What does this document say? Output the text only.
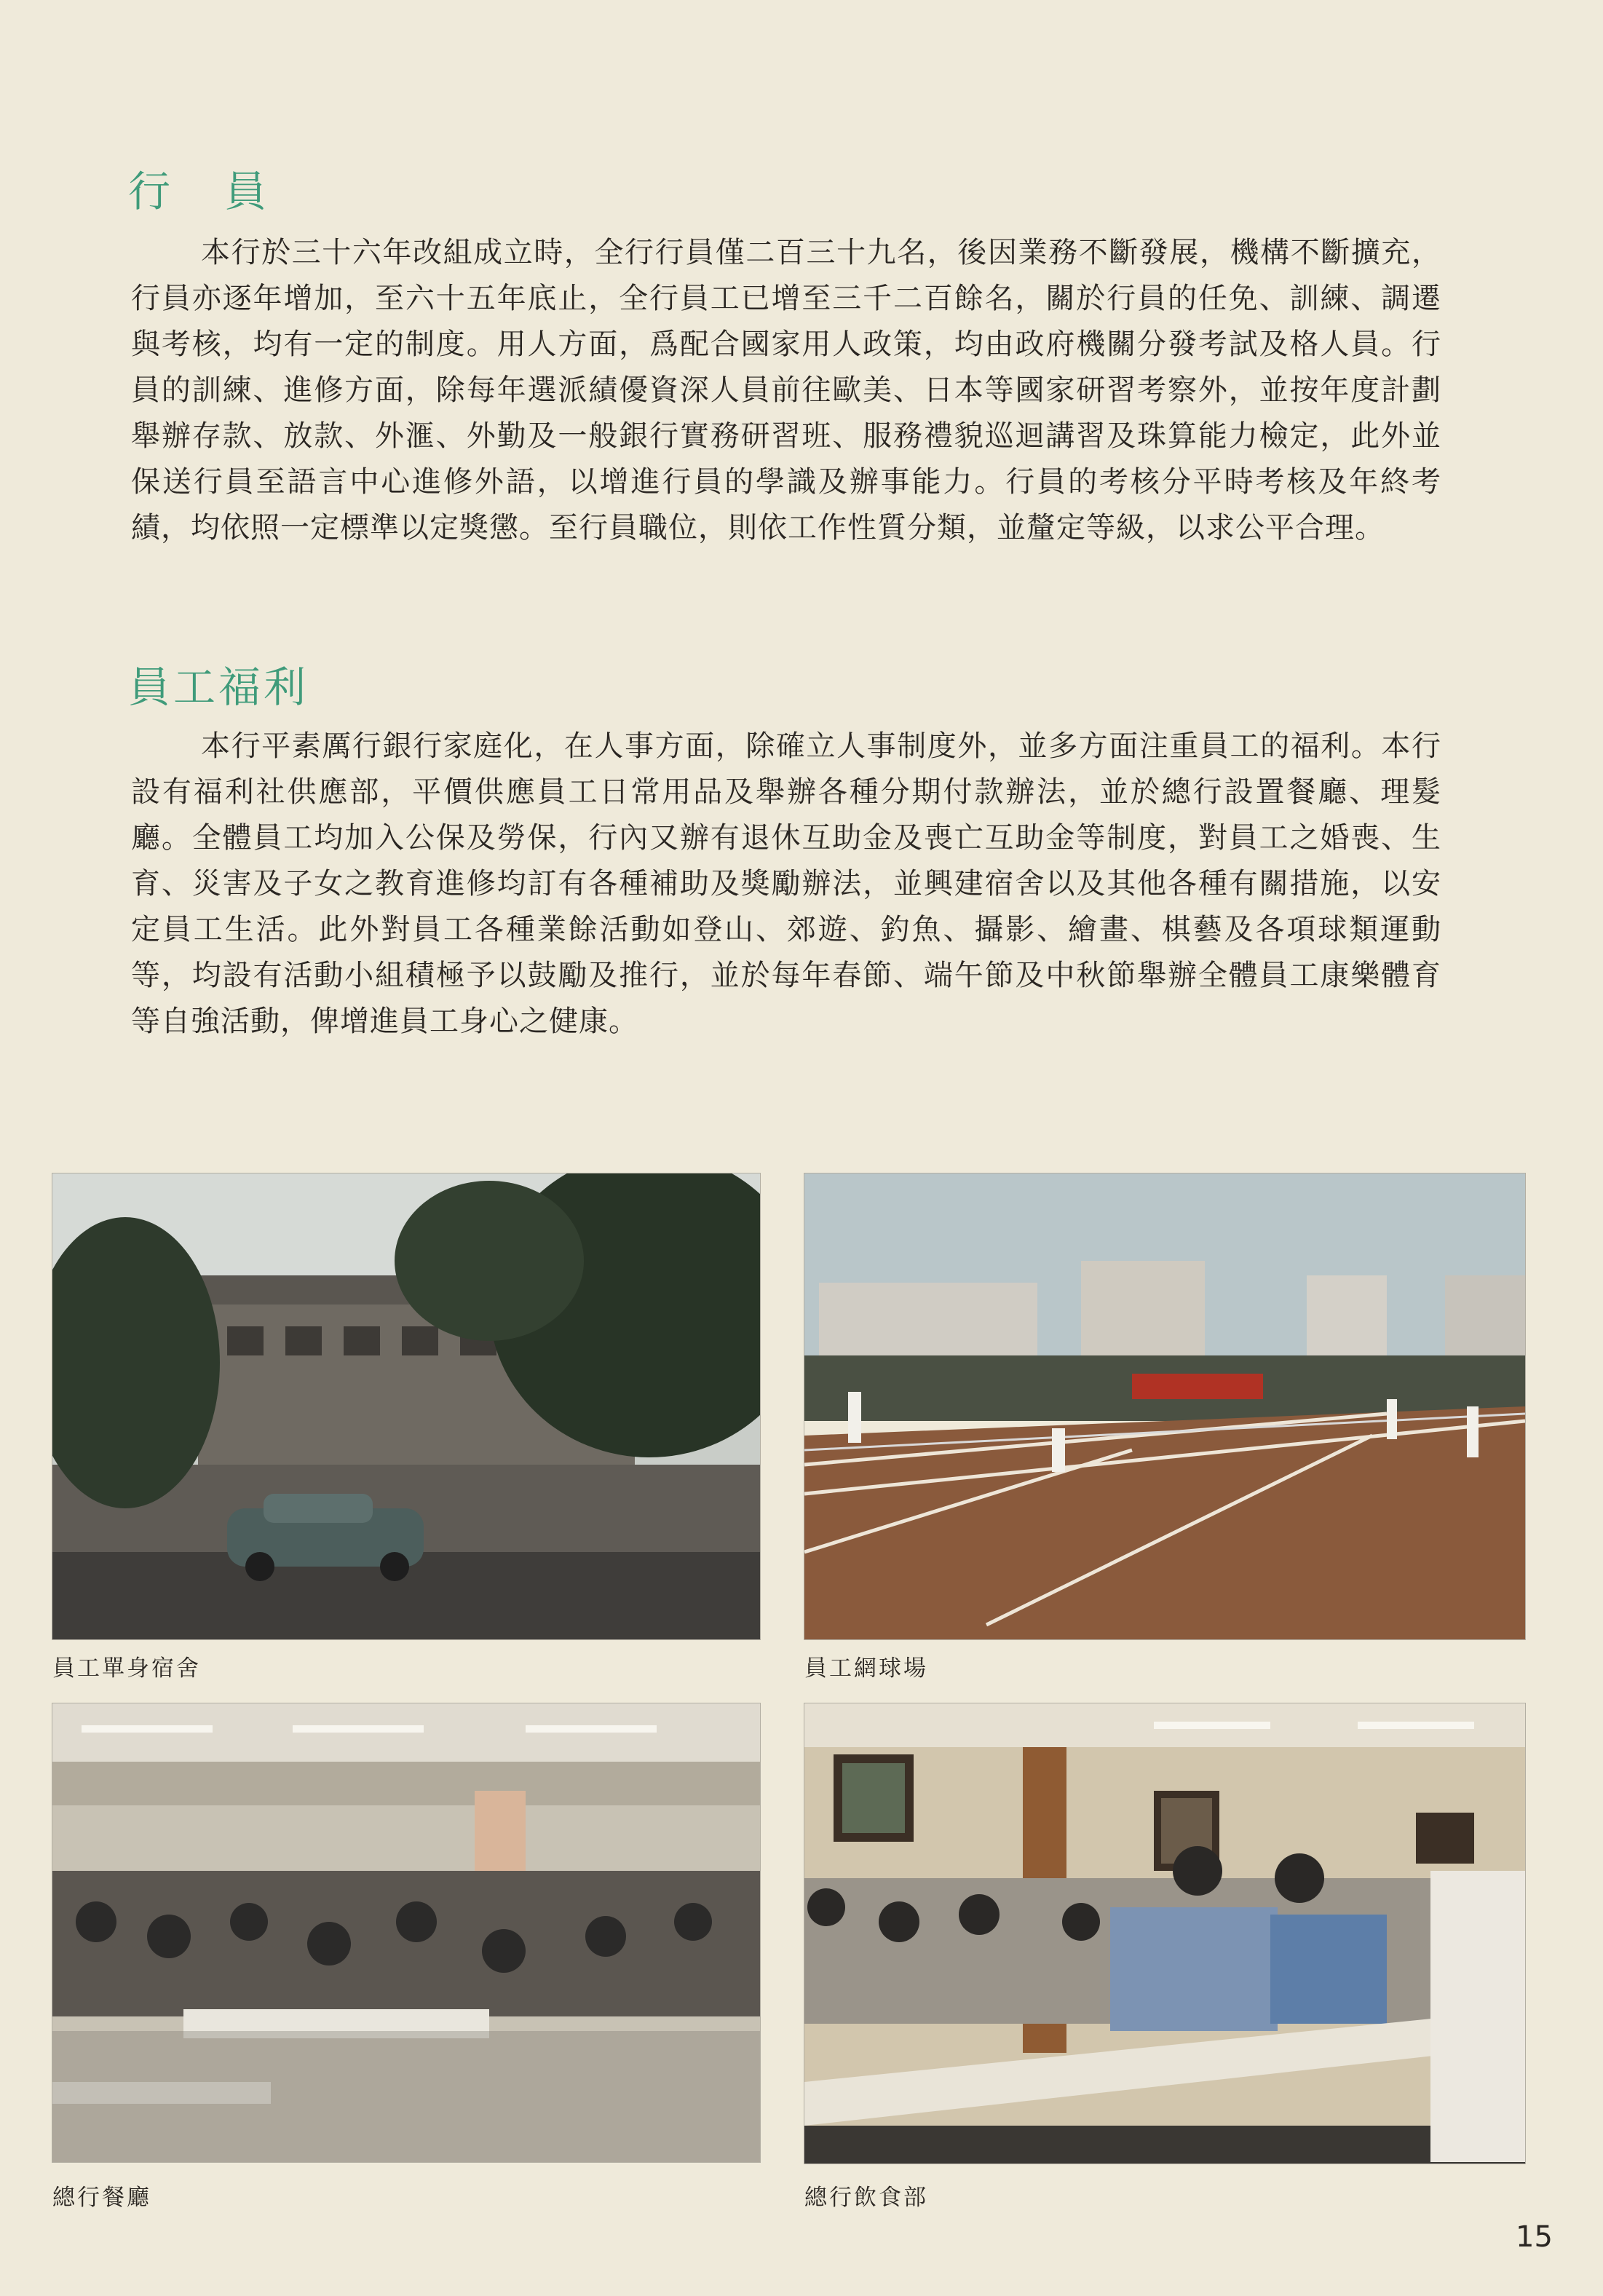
行 員

本行於三十六年改組成立時，全行行員僅二百三十九名，後因業務不斷發展，機構不斷擴充，行員亦逐年增加，至六十五年底止，全行員工已增至三千二百餘名，關於行員的任免、訓練、調遷與考核，均有一定的制度。用人方面，爲配合國家用人政策，均由政府機關分發考試及格人員。行員的訓練、進修方面，除每年選派績優資深人員前往歐美、日本等國家研習考察外，並按年度計劃舉辦存款、放款、外滙、外勤及一般銀行實務研習班、服務禮貌巡迴講習及珠算能力檢定，此外並保送行員至語言中心進修外語，以增進行員的學識及辦事能力。行員的考核分平時考核及年終考績，均依照一定標準以定獎懲。至行員職位，則依工作性質分類，並釐定等級，以求公平合理。

員工福利

本行平素厲行銀行家庭化，在人事方面，除確立人事制度外，並多方面注重員工的福利。本行設有福利社供應部，平價供應員工日常用品及舉辦各種分期付款辦法，並於總行設置餐廳、理髮廳。全體員工均加入公保及勞保，行內又辦有退休互助金及喪亡互助金等制度，對員工之婚喪、生育、災害及子女之教育進修均訂有各種補助及獎勵辦法，並興建宿舍以及其他各種有關措施，以安定員工生活。此外對員工各種業餘活動如登山、郊遊、釣魚、攝影、繪畫、棋藝及各項球類運動等，均設有活動小組積極予以鼓勵及推行，並於每年春節、端午節及中秋節舉辦全體員工康樂體育等自強活動，俾增進員工身心之健康。

員工單身宿舍	員工網球場

總行餐廳	總行飲食部

15
